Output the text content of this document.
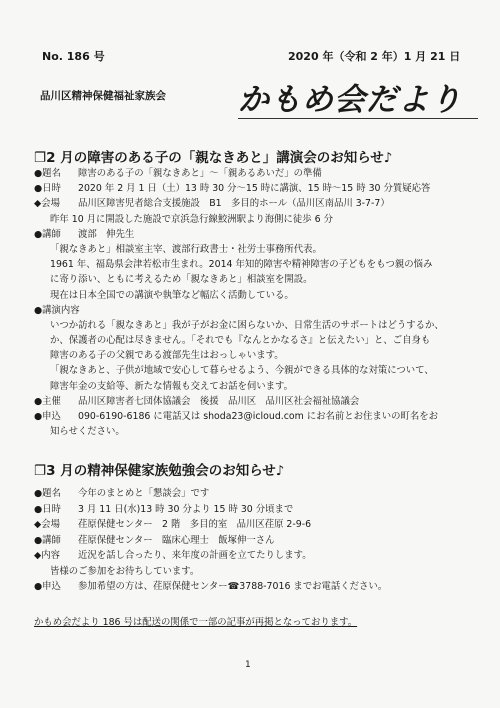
No. 186 号	2020 年（令和 2 年）1 月 21 日
品川区精神保健福祉家族会 かもめ会だより
❐2 月の障害のある子の「親なきあと」講演会のお知らせ♪
●題名 障害のある子の「親なきあと」～「親あるあいだ」の準備
●日時 2020 年 2 月 1 日（土）13 時 30 分～15 時に講演、15 時～15 時 30 分質疑応答
◆会場 品川区障害児者総合支援施設　B1　多目的ホール（品川区南品川 3-7-7）
昨年 10 月に開設した施設で京浜急行線鮫洲駅より海側に徒歩 6 分
●講師 渡部　伸先生
「親なきあと」相談室主宰、渡部行政書士・社労士事務所代表。
1961 年、福島県会津若松市生まれ。2014 年知的障害や精神障害の子どもをもつ親の悩み
に寄り添い、ともに考えるため「親なきあと」相談室を開設。
現在は日本全国での講演や執筆など幅広く活動している。
●講演内容
いつか訪れる「親なきあと」我が子がお金に困らないか、日常生活のサポートはどうするか、
か、保護者の心配は尽きません。「それでも『なんとかなるさ』と伝えたい」と、ご自身も
障害のある子の父親である渡部先生はおっしゃいます。
「親なきあと、子供が地域で安心して暮らせるよう、今親ができる具体的な対策について、
障害年金の支給等、新たな情報も交えてお話を伺います。
●主催 品川区障害者七団体協議会　後援　品川区　品川区社会福祉協議会
●申込 090-6190-6186 に電話又は shoda23@icloud.com にお名前とお住まいの町名をお
知らせください。
❐3 月の精神保健家族勉強会のお知らせ♪
●題名 今年のまとめと「懇談会」です
●日時 3 月 11 日(水)13 時 30 分より 15 時 30 分頃まで
◆会場 荏原保健センター　2 階　多目的室　品川区荏原 2-9-6
●講師 荏原保健センター　臨床心理士　飯塚伸一さん
◆内容 近況を話し合ったり、来年度の計画を立てたりします。
皆様のご参加をお待ちしています。
●申込 参加希望の方は、荏原保健センター☎3788-7016 までお電話ください。
かもめ会だより 186 号は配送の関係で一部の記事が再掲となっております。
1
